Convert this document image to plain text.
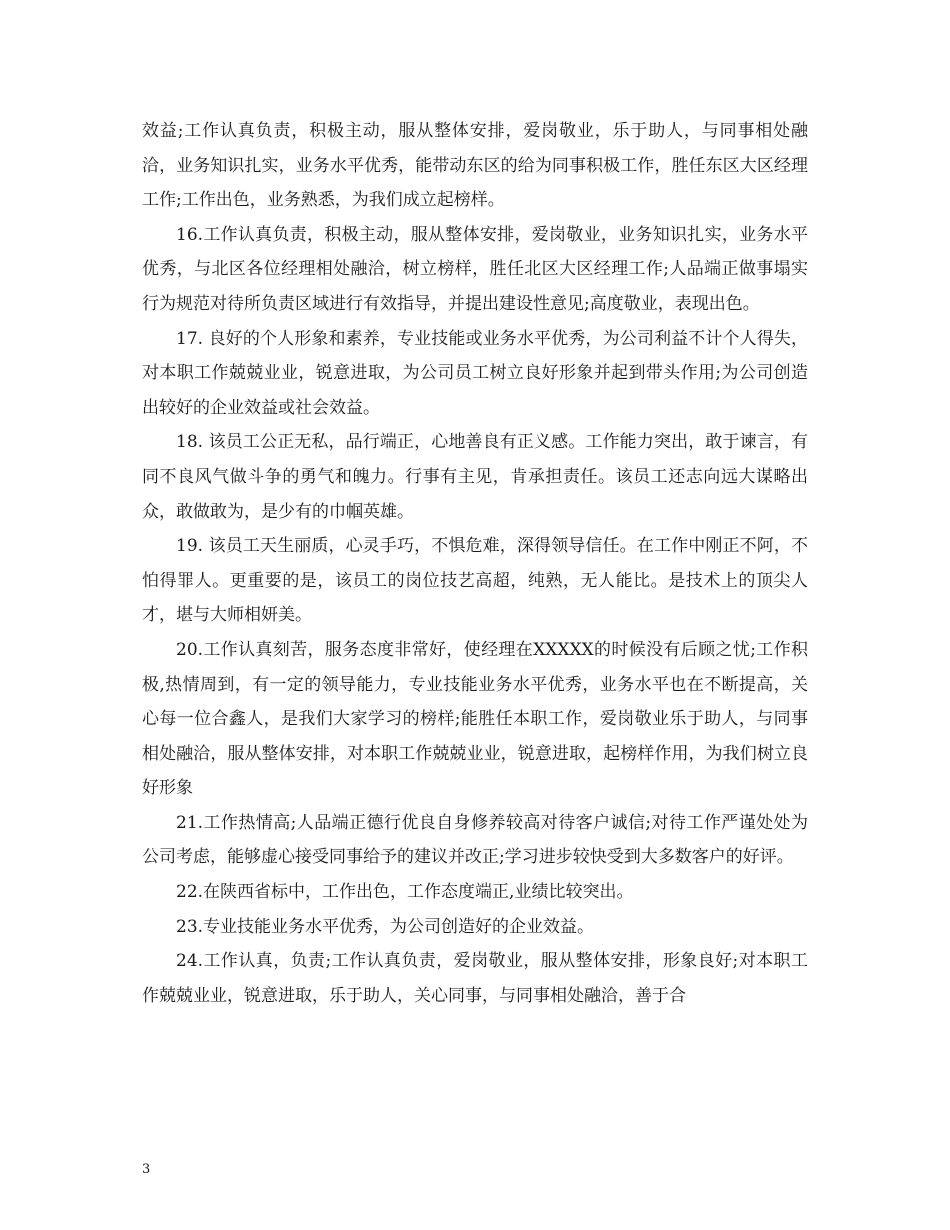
效益;工作认真负责，积极主动，服从整体安排，爱岗敬业，乐于助人，与同事相处融洽，业务知识扎实，业务水平优秀，能带动东区的给为同事积极工作，胜任东区大区经理工作;工作出色，业务熟悉，为我们成立起榜样。

16.工作认真负责，积极主动，服从整体安排，爱岗敬业，业务知识扎实，业务水平优秀，与北区各位经理相处融洽，树立榜样，胜任北区大区经理工作;人品端正做事塌实行为规范对待所负责区域进行有效指导，并提出建设性意见;高度敬业，表现出色。

17. 良好的个人形象和素养，专业技能或业务水平优秀，为公司利益不计个人得失，对本职工作兢兢业业，锐意进取，为公司员工树立良好形象并起到带头作用;为公司创造出较好的企业效益或社会效益。

18. 该员工公正无私，品行端正，心地善良有正义感。工作能力突出，敢于谏言，有同不良风气做斗争的勇气和魄力。行事有主见，肯承担责任。该员工还志向远大谋略出众，敢做敢为，是少有的巾帼英雄。

19. 该员工天生丽质，心灵手巧，不惧危难，深得领导信任。在工作中刚正不阿，不怕得罪人。更重要的是，该员工的岗位技艺高超，纯熟，无人能比。是技术上的顶尖人才，堪与大师相妍美。

20.工作认真刻苦，服务态度非常好，使经理在XXXXX的时候没有后顾之忧;工作积极,热情周到，有一定的领导能力，专业技能业务水平优秀，业务水平也在不断提高，关心每一位合鑫人，是我们大家学习的榜样;能胜任本职工作，爱岗敬业乐于助人，与同事相处融洽，服从整体安排，对本职工作兢兢业业，锐意进取，起榜样作用，为我们树立良好形象

21.工作热情高;人品端正德行优良自身修养较高对待客户诚信;对待工作严谨处处为公司考虑，能够虚心接受同事给予的建议并改正;学习进步较快受到大多数客户的好评。

22.在陕西省标中，工作出色，工作态度端正,业绩比较突出。

23.专业技能业务水平优秀，为公司创造好的企业效益。

24.工作认真，负责;工作认真负责，爱岗敬业，服从整体安排，形象良好;对本职工作兢兢业业，锐意进取，乐于助人，关心同事，与同事相处融洽，善于合

3
